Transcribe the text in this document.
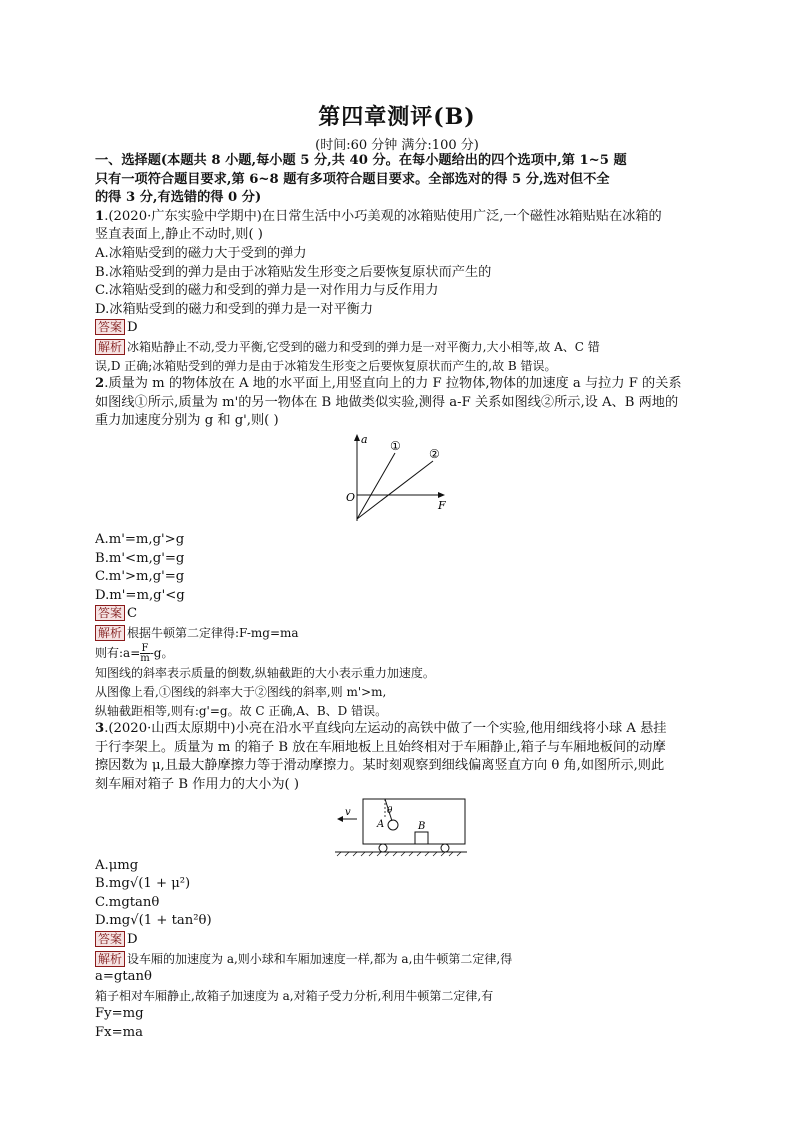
第四章测评(B)
(时间:60 分钟 满分:100 分)
一、选择题(本题共 8 小题,每小题 5 分,共 40 分。在每小题给出的四个选项中,第 1~5 题
只有一项符合题目要求,第 6~8 题有多项符合题目要求。全部选对的得 5 分,选对但不全
的得 3 分,有选错的得 0 分)
1.(2020·广东实验中学期中)在日常生活中小巧美观的冰箱贴使用广泛,一个磁性冰箱贴贴在冰箱的
竖直表面上,静止不动时,则( )
A.冰箱贴受到的磁力大于受到的弹力
B.冰箱贴受到的弹力是由于冰箱贴发生形变之后要恢复原状而产生的
C.冰箱贴受到的磁力和受到的弹力是一对作用力与反作用力
D.冰箱贴受到的磁力和受到的弹力是一对平衡力
答案 D
解析 冰箱贴静止不动,受力平衡,它受到的磁力和受到的弹力是一对平衡力,大小相等,故 A、C 错
误,D 正确;冰箱贴受到的弹力是由于冰箱发生形变之后要恢复原状而产生的,故 B 错误。
2.质量为 m 的物体放在 A 地的水平面上,用竖直向上的力 F 拉物体,物体的加速度 a 与拉力 F 的关系
如图线①所示,质量为 m'的另一物体在 B 地做类似实验,测得 a-F 关系如图线②所示,设 A、B 两地的
重力加速度分别为 g 和 g',则( )
a
F
O
①
②
A.m'=m,g'>g
B.m'<m,g'=g
C.m'>m,g'=g
D.m'=m,g'<g
答案 C
解析 根据牛顿第二定律得:F-mg=ma
则有:a= $\frac{F}{m} -g$。
知图线的斜率表示质量的倒数,纵轴截距的大小表示重力加速度。
从图像上看,①图线的斜率大于②图线的斜率,则 m'>m,
纵轴截距相等,则有:g'=g。故 C 正确,A、B、D 错误。
3.(2020·山西太原期中)小亮在沿水平直线向左运动的高铁中做了一个实验,他用细线将小球 A 悬挂
于行李架上。质量为 m 的箱子 B 放在车厢地板上且始终相对于车厢静止,箱子与车厢地板间的动摩
擦因数为 μ,且最大静摩擦力等于滑动摩擦力。某时刻观察到细线偏离竖直方向 θ 角,如图所示,则此
刻车厢对箱子 B 作用力的大小为( )
v
A
θ
B
A.μmg
B.mg√(1 + μ²)
C.mgtanθ
D.mg√(1 + tan²θ)
答案 D
解析 设车厢的加速度为 a,则小球和车厢加速度一样,都为 a,由牛顿第二定律,得
a=gtanθ
箱子相对车厢静止,故箱子加速度为 a,对箱子受力分析,利用牛顿第二定律,有
Fy=mg
Fx=ma
